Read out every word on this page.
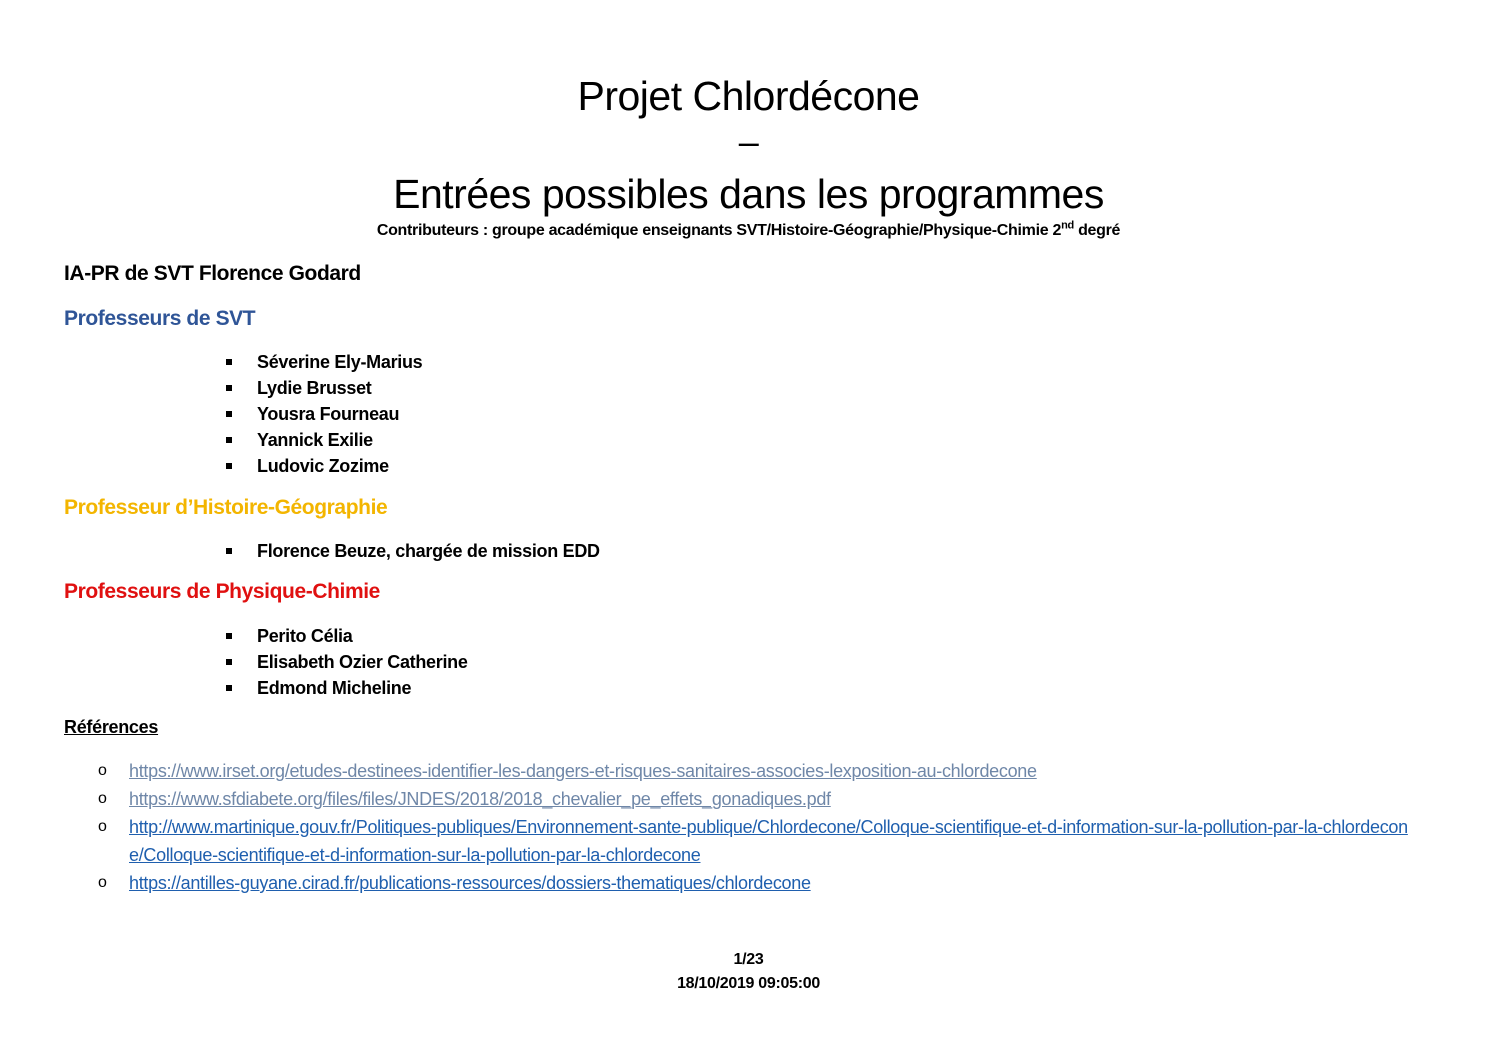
Projet Chlordécone
–
Entrées possibles dans les programmes
Contributeurs : groupe académique enseignants SVT/Histoire-Géographie/Physique-Chimie 2nd degré
IA-PR de SVT Florence Godard
Professeurs de SVT
Séverine Ely-Marius
Lydie Brusset
Yousra Fourneau
Yannick Exilie
Ludovic Zozime
Professeur d’Histoire-Géographie
Florence Beuze, chargée de mission EDD
Professeurs de Physique-Chimie
Perito Célia
Elisabeth Ozier Catherine
Edmond Micheline
Références
o https://www.irset.org/etudes-destinees-identifier-les-dangers-et-risques-sanitaires-associes-lexposition-au-chlordecone
o https://www.sfdiabete.org/files/files/JNDES/2018/2018_chevalier_pe_effets_gonadiques.pdf
o http://www.martinique.gouv.fr/Politiques-publiques/Environnement-sante-publique/Chlordecone/Colloque-scientifique-et-d-information-sur-la-pollution-par-la-chlordecone/Colloque-scientifique-et-d-information-sur-la-pollution-par-la-chlordecone
o https://antilles-guyane.cirad.fr/publications-ressources/dossiers-thematiques/chlordecone
1/23
18/10/2019 09:05:00
